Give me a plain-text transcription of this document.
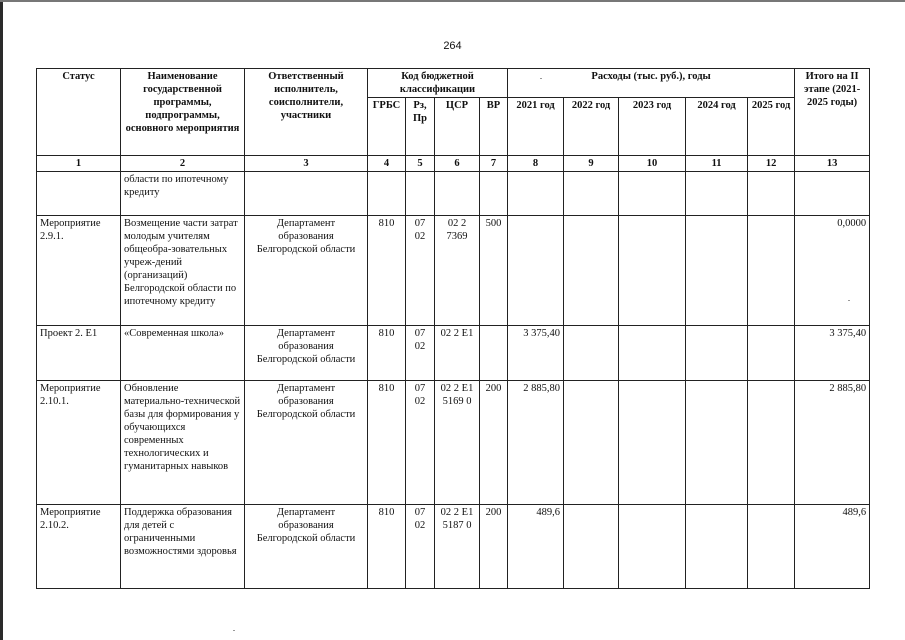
264
Статус	Наименование государственной программы, подпрограммы, основного мероприятия	Ответственный исполнитель, соисполнители, участники	Код бюджетной классификации				Расходы (тыс. руб.), годы					Итого на II этапе (2021-2025 годы)
			ГРБС	Рз, Пр	ЦСР	ВР	2021 год	2022 год	2023 год	2024 год	2025 год	
1	2	3	4	5	6	7	8	9	10	11	12	13
	области по ипотечному кредиту											
Мероприятие 2.9.1.	Возмещение части затрат молодым учителям общеобра-зовательных учреж-дений (организаций) Белгородской области по ипотечному кредиту	Департамент образования Белгородской области	810	07 02	02 2 7369	500						0,0000
Проект 2. Е1	«Современная школа»	Департамент образования Белгородской области	810	07 02	02 2 Е1		3 375,40					3 375,40
Мероприятие 2.10.1.	Обновление материально-технической базы для формирования у обучающихся современных технологических и гуманитарных навыков	Департамент образования Белгородской области	810	07 02	02 2 Е1 5169 0	200	2 885,80					2 885,80
Мероприятие 2.10.2.	Поддержка образования для детей с ограниченными возможностями здоровья	Департамент образования Белгородской области	810	07 02	02 2 Е1 5187 0	200	489,6					489,6
